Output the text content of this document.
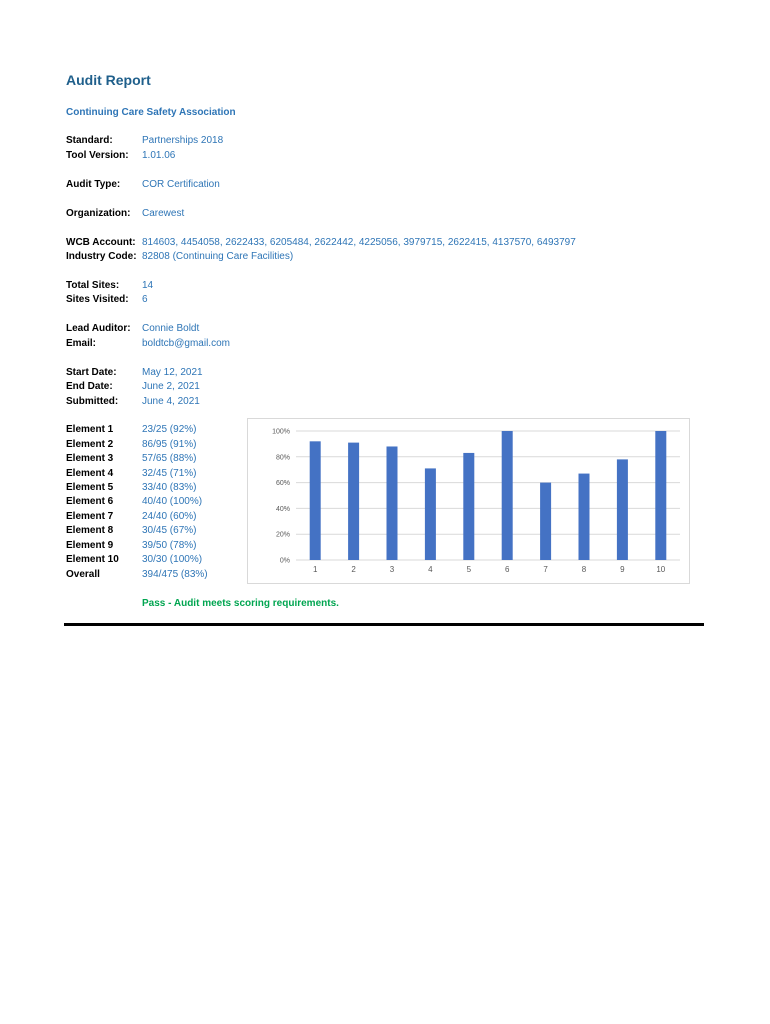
Audit Report
Continuing Care Safety Association
Standard:	Partnerships 2018
Tool Version: 1.01.06
Audit Type: COR Certification
Organization: Carewest
WCB Account: 814603, 4454058, 2622433, 6205484, 2622442, 4225056, 3979715, 2622415, 4137570, 6493797
Industry Code: 82808 (Continuing Care Facilities)
Total Sites: 14
Sites Visited: 6
Lead Auditor: Connie Boldt
Email:	boldtcb@gmail.com
Start Date:	May 12, 2021
End Date:	June 2, 2021
Submitted: June 4, 2021
Element 1	23/25 (92%)
Element 2	86/95 (91%)
Element 3	57/65 (88%)
Element 4	32/45 (71%)
Element 5	33/40 (83%)
Element 6	40/40 (100%)
Element 7	24/40 (60%)
Element 8	30/45 (67%)
Element 9	39/50 (78%)
Element 10 30/30 (100%)
Overall	394/475 (83%)
0%
20%
40%
60%
80%
100%
1	2	3	4	5	6	7	8	9	10
Pass - Audit meets scoring requirements.
